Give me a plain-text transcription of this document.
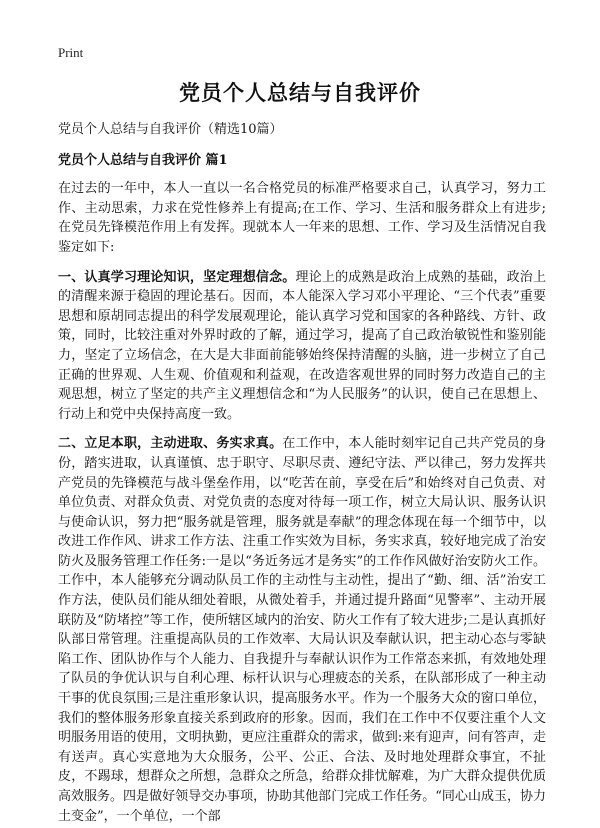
Print
党员个人总结与自我评价

党员个人总结与自我评价（精选10篇）

党员个人总结与自我评价 篇1

在过去的一年中，本人一直以一名合格党员的标准严格要求自己，认真学习，努力工作、主动思索，力求在党性修养上有提高;在工作、学习、生活和服务群众上有进步;在党员先锋模范作用上有发挥。现就本人一年来的思想、工作、学习及生活情况自我鉴定如下:

一、认真学习理论知识，坚定理想信念。理论上的成熟是政治上成熟的基础，政治上的清醒来源于稳固的理论基石。因而，本人能深入学习邓小平理论、“三个代表”重要思想和原胡同志提出的科学发展观理论，能认真学习党和国家的各种路线、方针、政策，同时，比较注重对外界时政的了解，通过学习，提高了自己政治敏锐性和鉴别能力，坚定了立场信念，在大是大非面前能够始终保持清醒的头脑，进一步树立了自己正确的世界观、人生观、价值观和利益观，在改造客观世界的同时努力改造自己的主观思想，树立了坚定的共产主义理想信念和“为人民服务”的认识，使自己在思想上、行动上和党中央保持高度一致。

二、立足本职，主动进取、务实求真。在工作中，本人能时刻牢记自己共产党员的身份，踏实进取，认真谨慎、忠于职守、尽职尽责、遵纪守法、严以律己，努力发挥共产党员的先锋模范与战斗堡垒作用，以“吃苦在前，享受在后”和始终对自己负责、对单位负责、对群众负责、对党负责的态度对待每一项工作，树立大局认识、服务认识与使命认识，努力把“服务就是管理，服务就是奉献”的理念体现在每一个细节中，以改进工作作风、讲求工作方法、注重工作实效为目标，务实求真，较好地完成了治安防火及服务管理工作任务:一是以“务近务远才是务实”的工作作风做好治安防火工作。工作中，本人能够充分调动队员工作的主动性与主动性，提出了“勤、细、活”治安工作方法，使队员们能从细处着眼，从微处着手，并通过提升路面“见警率”、主动开展联防及“防堵控”等工作，使所辖区域内的治安、防火工作有了较大进步;二是认真抓好队部日常管理。注重提高队员的工作效率、大局认识及奉献认识，把主动心态与零缺陷工作、团队协作与个人能力、自我提升与奉献认识作为工作常态来抓，有效地处理了队员的争优认识与自利心理、标杆认识与心理疲态的关系，在队部形成了一种主动干事的优良氛围;三是注重形象认识，提高服务水平。作为一个服务大众的窗口单位，我们的整体服务形象直接关系到政府的形象。因而，我们在工作中不仅要注重个人文明服务用语的使用，文明执勤，更应注重群众的需求，做到:来有迎声，问有答声，走有送声。真心实意地为大众服务，公平、公正、合法、及时地处理群众事宜，不扯皮，不踢球，想群众之所想，急群众之所急，给群众排忧解难，为广大群众提供优质高效服务。四是做好领导交办事项，协助其他部门完成工作任务。“同心山成玉，协力土变金”，一个单位，一个部
